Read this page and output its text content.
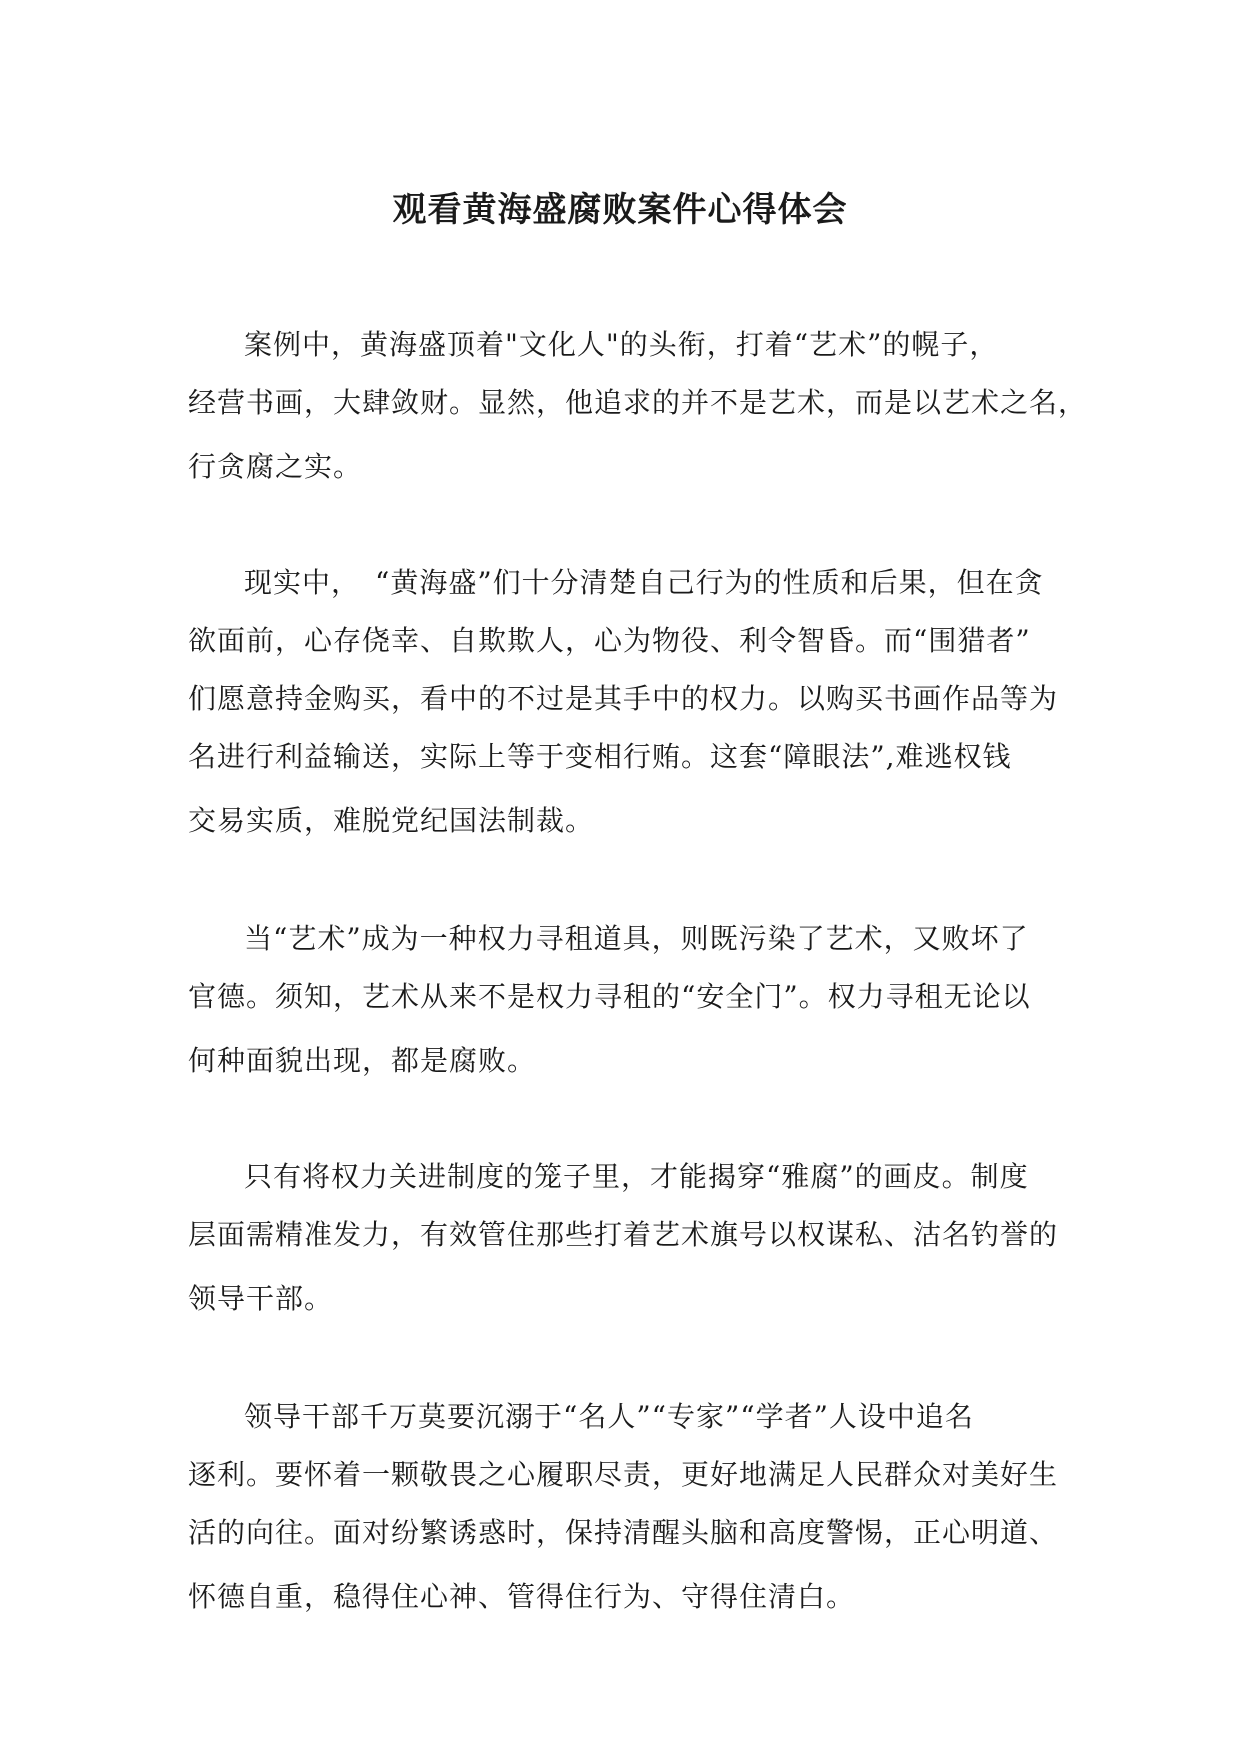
观看黄海盛腐败案件心得体会

案例中，黄海盛顶着"文化人"的头衔，打着“艺术”的幌子，
经营书画，大肆敛财。显然，他追求的并不是艺术，而是以艺术之名，
行贪腐之实。

现实中，　“黄海盛”们十分清楚自己行为的性质和后果，但在贪
欲面前，心存侥幸、自欺欺人，心为物役、利令智昏。而“围猎者”
们愿意持金购买，看中的不过是其手中的权力。以购买书画作品等为
名进行利益输送，实际上等于变相行贿。这套“障眼法”,难逃权钱
交易实质，难脱党纪国法制裁。

当“艺术”成为一种权力寻租道具，则既污染了艺术，又败坏了
官德。须知，艺术从来不是权力寻租的“安全门”。权力寻租无论以
何种面貌出现，都是腐败。

只有将权力关进制度的笼子里，才能揭穿“雅腐”的画皮。制度
层面需精准发力，有效管住那些打着艺术旗号以权谋私、沽名钓誉的
领导干部。

领导干部千万莫要沉溺于“名人”“专家”“学者”人设中追名
逐利。要怀着一颗敬畏之心履职尽责，更好地满足人民群众对美好生
活的向往。面对纷繁诱惑时，保持清醒头脑和高度警惕，正心明道、
怀德自重，稳得住心神、管得住行为、守得住清白。
